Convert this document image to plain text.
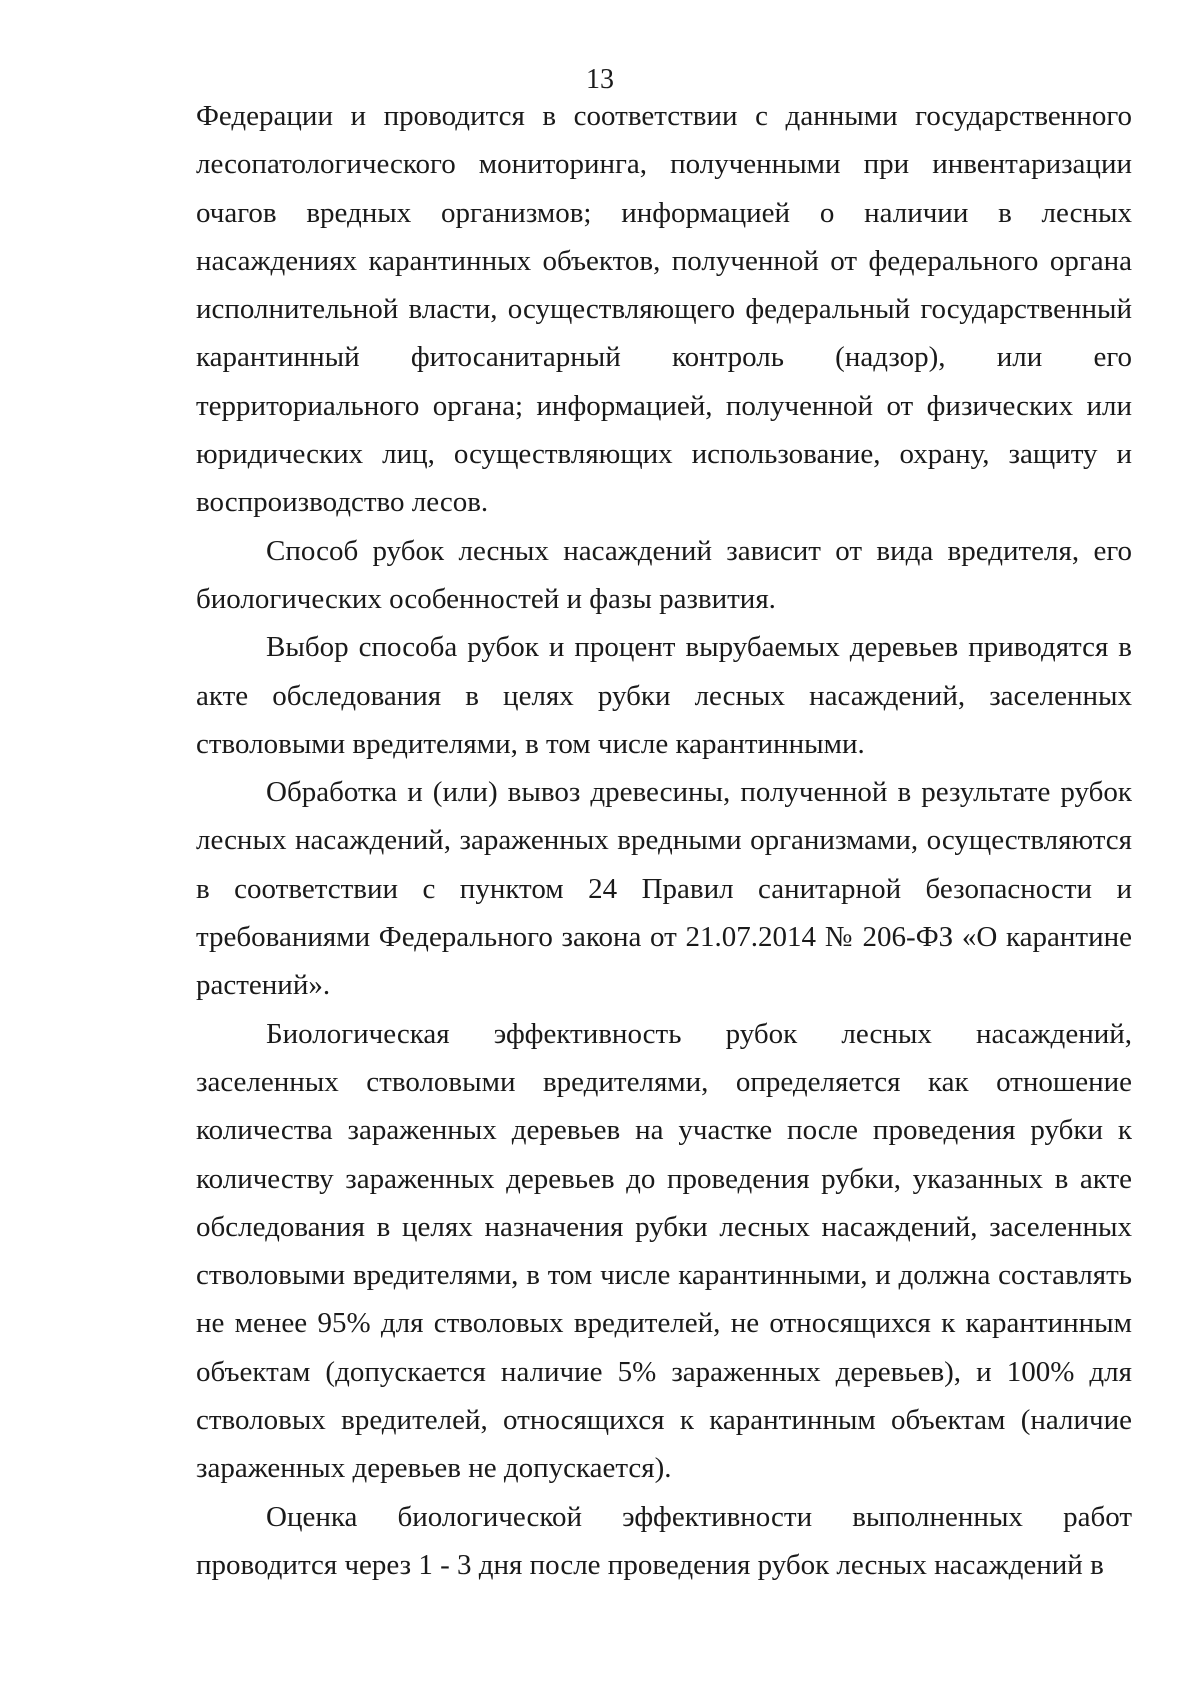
13

Федерации и проводится в соответствии с данными государственного лесопатологического мониторинга, полученными при инвентаризации очагов вредных организмов; информацией о наличии в лесных насаждениях карантинных объектов, полученной от федерального органа исполнительной власти, осуществляющего федеральный государственный карантинный фитосанитарный контроль (надзор), или его территориального органа; информацией, полученной от физических или юридических лиц, осуществляющих использование, охрану, защиту и воспроизводство лесов.

Способ рубок лесных насаждений зависит от вида вредителя, его биологических особенностей и фазы развития.

Выбор способа рубок и процент вырубаемых деревьев приводятся в акте обследования в целях рубки лесных насаждений, заселенных стволовыми вредителями, в том числе карантинными.

Обработка и (или) вывоз древесины, полученной в результате рубок лесных насаждений, зараженных вредными организмами, осуществляются в соответствии с пунктом 24 Правил санитарной безопасности и требованиями Федерального закона от 21.07.2014 № 206-ФЗ «О карантине растений».

Биологическая эффективность рубок лесных насаждений, заселенных стволовыми вредителями, определяется как отношение количества зараженных деревьев на участке после проведения рубки к количеству зараженных деревьев до проведения рубки, указанных в акте обследования в целях назначения рубки лесных насаждений, заселенных стволовыми вредителями, в том числе карантинными, и должна составлять не менее 95% для стволовых вредителей, не относящихся к карантинным объектам (допускается наличие 5% зараженных деревьев), и 100% для стволовых вредителей, относящихся к карантинным объектам (наличие зараженных деревьев не допускается).

Оценка биологической эффективности выполненных работ проводится через 1 - 3 дня после проведения рубок лесных насаждений в
